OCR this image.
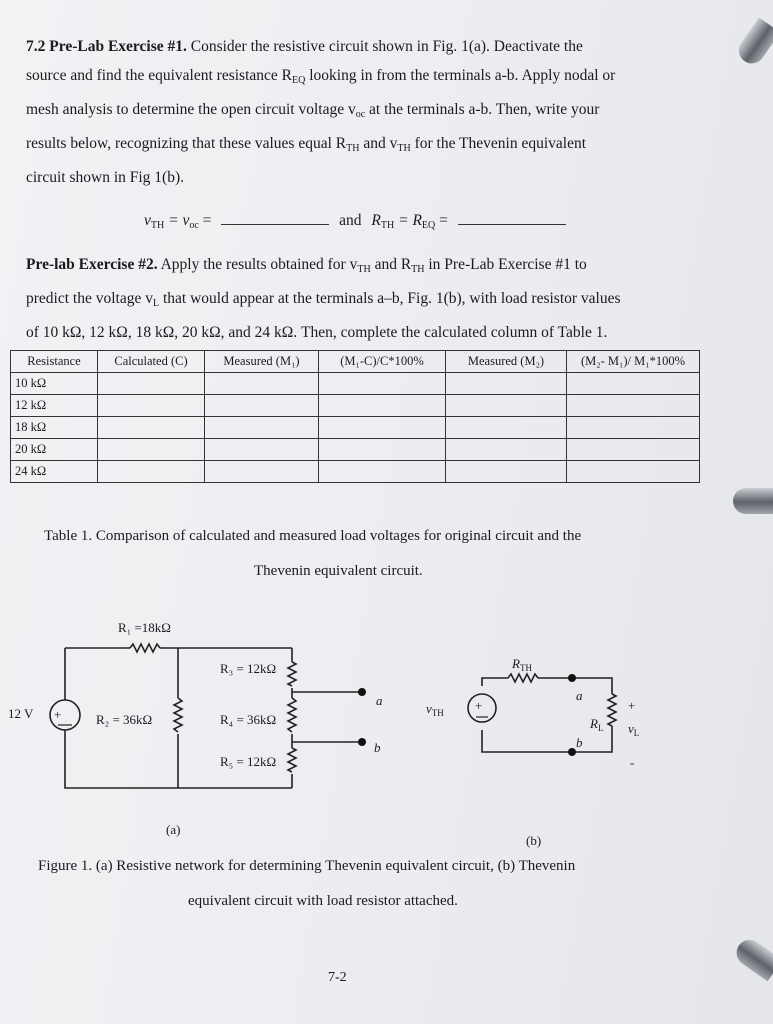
7.2 Pre-Lab Exercise #1. Consider the resistive circuit shown in Fig. 1(a). Deactivate the
source and find the equivalent resistance $R_{EQ}$ looking in from the terminals a-b. Apply nodal or
mesh analysis to determine the open circuit voltage $v_{oc}$ at the terminals a-b. Then, write your
results below, recognizing that these values equal $R_{TH}$ and $v_{TH}$ for the Thevenin equivalent
circuit shown in Fig 1(b).
$v_{TH} = v_{oc}$ =	and $R_{TH} = R_{EQ}$ =
Pre-lab Exercise #2. Apply the results obtained for $v_{TH}$ and $R_{TH}$ in Pre-Lab Exercise #1 to
predict the voltage $v_L$ that would appear at the terminals a–b, Fig. 1(b), with load resistor values
of 10 kΩ, 12 kΩ, 18 kΩ, 20 kΩ, and 24 kΩ. Then, complete the calculated column of Table 1.
Resistance	Calculated (C)	Measured (M₁)	(M₁-C)/C*100%	Measured (M₂)	(M₂- M₁)/ M₁*100%
10 kΩ					
12 kΩ					
18 kΩ					
20 kΩ					
24 kΩ					
Table 1. Comparison of calculated and measured load voltages for original circuit and the
Thevenin equivalent circuit.
+
+
R₁ =18kΩ
R₃ = 12kΩ
R₂ = 36kΩ	R₄ = 36kΩ
R₅ = 12kΩ
12 V
a
b
(a)
$R_{TH}$
$v_{TH}$
$R_L$ $v_L$
a
b
+
-
(b)
Figure 1. (a) Resistive network for determining Thevenin equivalent circuit, (b) Thevenin
equivalent circuit with load resistor attached.
7-2
